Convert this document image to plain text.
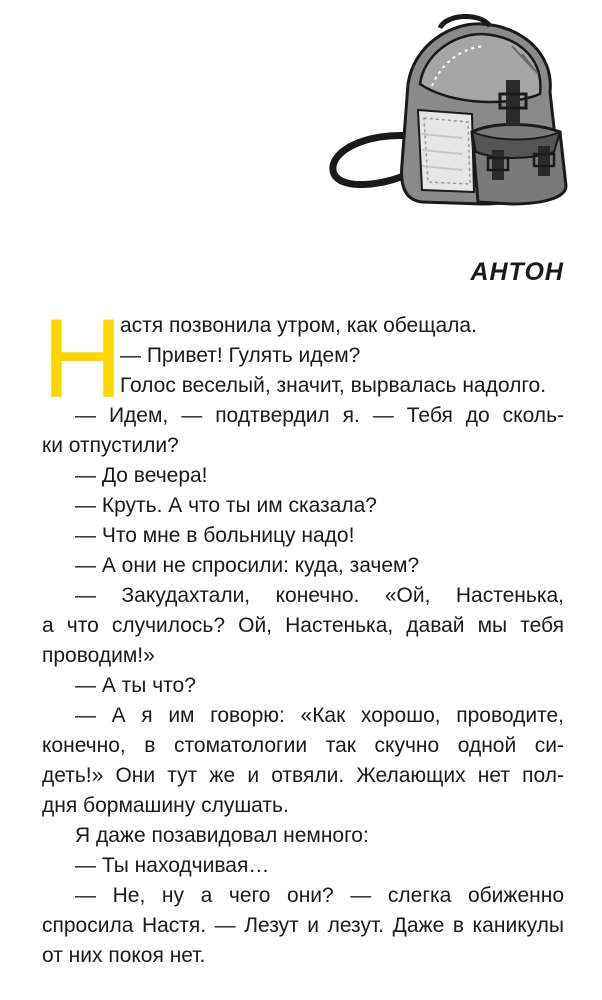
АНТОН
Н
астя позвонила утром, как обещала.
— Привет! Гулять идем?
Голос веселый, значит, вырвалась надолго.
— Идем, — подтвердил я. — Тебя до сколь-
ки отпустили?
— До вечера!
— Круть. А что ты им сказала?
— Что мне в больницу надо!
— А они не спросили: куда, зачем?
— Закудахтали, конечно. «Ой, Настенька,
а что случилось? Ой, Настенька, давай мы тебя
проводим!»
— А ты что?
— А я им говорю: «Как хорошо, проводите,
конечно, в стоматологии так скучно одной си-
деть!» Они тут же и отвяли. Желающих нет пол-
дня бормашину слушать.
Я даже позавидовал немного:
— Ты находчивая…
— Не, ну а чего они? — слегка обиженно
спросила Настя. — Лезут и лезут. Даже в каникулы
от них покоя нет.
